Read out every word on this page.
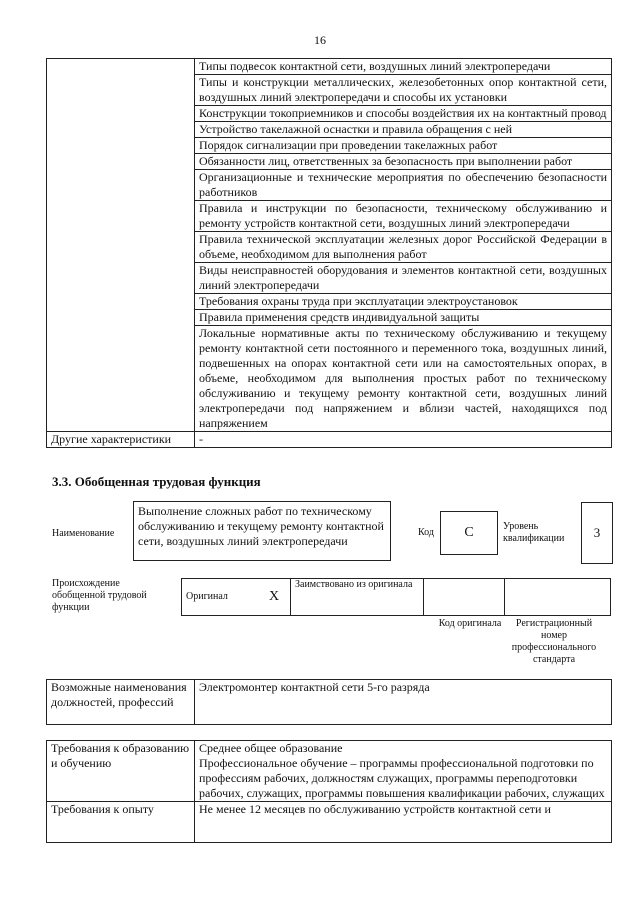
16
	Типы подвесок контактной сети, воздушных линий электропередачи
	Типы и конструкции металлических, железобетонных опор контактной сети, воздушных линий электропередачи и способы их установки
	Конструкции токоприемников и способы воздействия их на контактный провод
	Устройство такелажной оснастки и правила обращения с ней
	Порядок сигнализации при проведении такелажных работ
	Обязанности лиц, ответственных за безопасность при выполнении работ
	Организационные и технические мероприятия по обеспечению безопасности работников
	Правила и инструкции по безопасности, техническому обслуживанию и ремонту устройств контактной сети, воздушных линий электропередачи
	Правила технической эксплуатации железных дорог Российской Федерации в объеме, необходимом для выполнения работ
	Виды неисправностей оборудования и элементов контактной сети, воздушных линий электропередачи
	Требования охраны труда при эксплуатации электроустановок
	Правила применения средств индивидуальной защиты
	Локальные нормативные акты по техническому обслуживанию и текущему ремонту контактной сети постоянного и переменного тока, воздушных линий, подвешенных на опорах контактной сети или на самостоятельных опорах, в объеме, необходимом для выполнения простых работ по техническому обслуживанию и текущему ремонту контактной сети, воздушных линий электропередачи под напряжением и вблизи частей, находящихся под напряжением
Другие характеристики	-
3.3. Обобщенная трудовая функция
Наименование
Выполнение сложных работ по техническому обслуживанию и текущему ремонту контактной сети, воздушных линий электропередачи
Код	С	Уровень квалификации	3
Происхождение обобщенной трудовой функции
Оригинал	X	Заимствовано из оригинала		
Код оригинала	Регистрационный номер профессионального стандарта
Возможные наименования должностей, профессий	Электромонтер контактной сети 5-го разряда
Требования к образованию и обучению	Среднее общее образование
Профессиональное обучение – программы профессиональной подготовки по профессиям рабочих, должностям служащих, программы переподготовки рабочих, служащих, программы повышения квалификации рабочих, служащих

Требования к опыту	Не менее 12 месяцев по обслуживанию устройств контактной сети и
